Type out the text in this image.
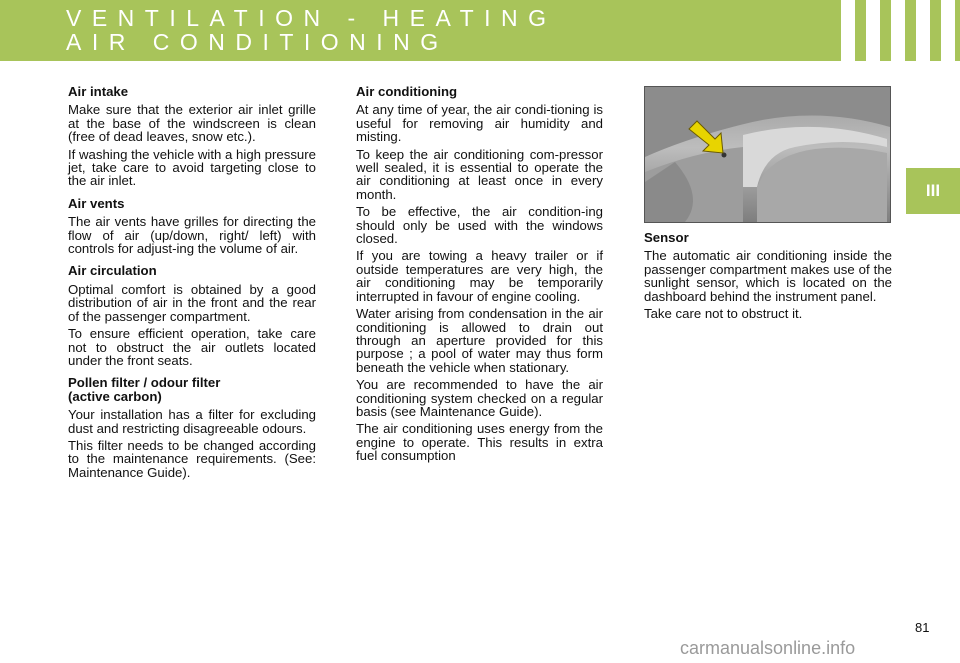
VENTILATION - HEATING
AIR CONDITIONING
III
Air intake

Make sure that the exterior air inlet grille at the base of the windscreen is clean (free of dead leaves, snow etc.).

If washing the vehicle with a high pressure jet, take care to avoid targeting close to the air inlet.

Air vents

The air vents have grilles for directing the flow of air (up/down, right/ left) with controls for adjust-ing the volume of air.

Air circulation

Optimal comfort is obtained by a good distribution of air in the front and the rear of the passenger compartment.

To ensure efficient operation, take care not to obstruct the air outlets located under the front seats.

Pollen filter / odour filter
(active carbon)

Your installation has a filter for excluding dust and restricting disagreeable odours.

This filter needs to be changed according to the maintenance requirements. (See: Maintenance Guide).

Air conditioning

At any time of year, the air condi-tioning is useful for removing air humidity and misting.

To keep the air conditioning com-pressor well sealed, it is essential to operate the air conditioning at least once in every month.

To be effective, the air condition-ing should only be used with the windows closed.

If you are towing a heavy trailer or if outside temperatures are very high, the air conditioning may be temporarily interrupted in favour of engine cooling.

Water arising from condensation in the air conditioning is allowed to drain out through an aperture provided for this purpose ; a pool of water may thus form beneath the vehicle when stationary.

You are recommended to have the air conditioning system checked on a regular basis (see Maintenance Guide).

The air conditioning uses energy from the engine to operate. This results in extra fuel consumption

Sensor

The automatic air conditioning inside the passenger compartment makes use of the sunlight sensor, which is located on the dashboard behind the instrument panel.

Take care not to obstruct it.

81
carmanualsonline.info
